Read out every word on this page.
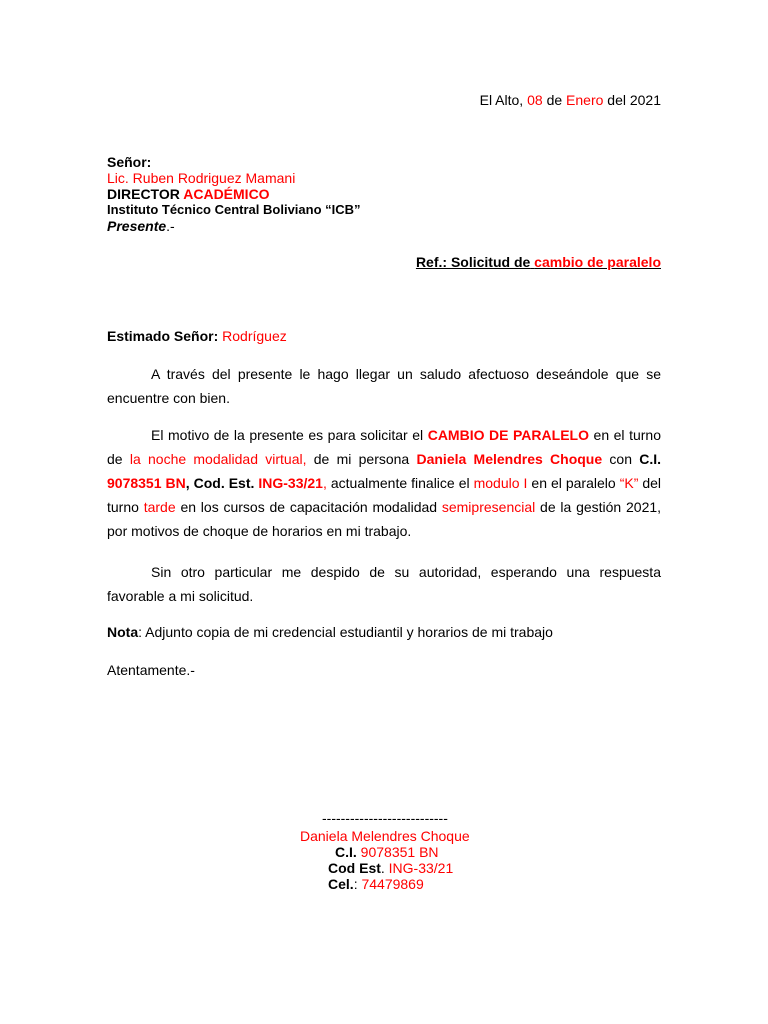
El Alto, 08 de Enero del 2021
Señor:
Lic. Ruben Rodriguez Mamani
DIRECTOR ACADÉMICO
Instituto Técnico Central Boliviano “ICB”
Presente.-
Ref.: Solicitud de cambio de paralelo
Estimado Señor: Rodríguez
A través del presente le hago llegar un saludo afectuoso deseándole que se encuentre con bien.
El motivo de la presente es para solicitar el CAMBIO DE PARALELO en el turno de la noche modalidad virtual, de mi persona Daniela Melendres Choque con C.I. 9078351 BN, Cod. Est. ING-33/21, actualmente finalice el modulo I en el paralelo “K” del turno tarde en los cursos de capacitación modalidad semipresencial de la gestión 2021, por motivos de choque de horarios en mi trabajo.
Sin otro particular me despido de su autoridad, esperando una respuesta favorable a mi solicitud.
Nota: Adjunto copia de mi credencial estudiantil y horarios de mi trabajo
Atentamente.-
---------------------------
Daniela Melendres Choque
C.I. 9078351 BN
Cod Est. ING-33/21
Cel.: 74479869
